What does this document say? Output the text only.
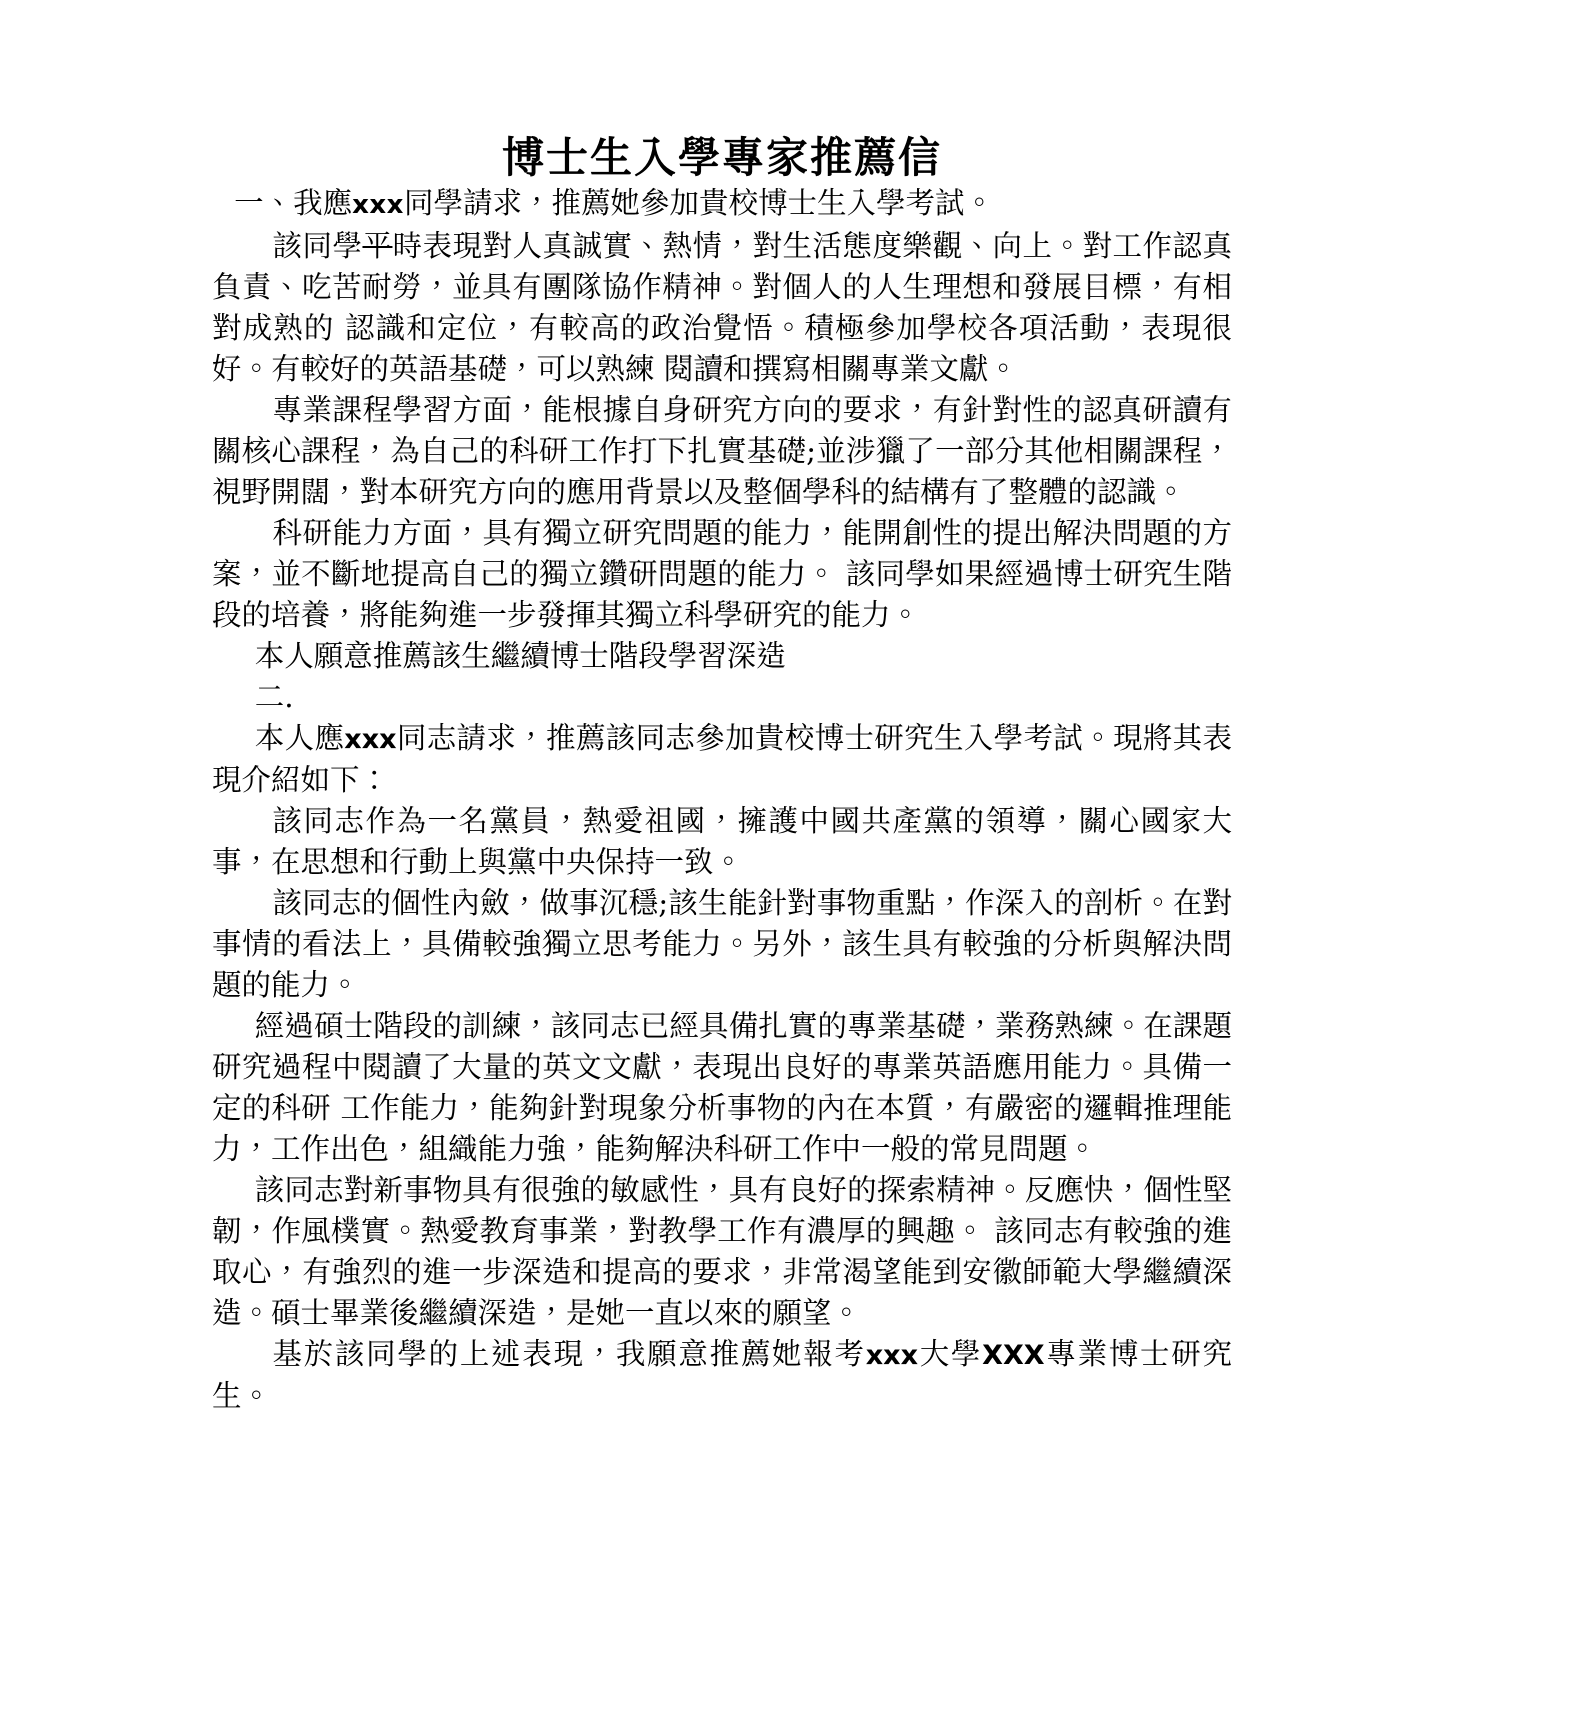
博士生入學專家推薦信

一、我應xxx同學請求，推薦她參加貴校博士生入學考試。

該同學平時表現對人真誠實、熱情，對生活態度樂觀、向上。對工作認真負責、吃苦耐勞，並具有團隊協作精神。對個人的人生理想和發展目標，有相對成熟的 認識和定位，有較高的政治覺悟。積極參加學校各項活動，表現很好。有較好的英語基礎，可以熟練 閱讀和撰寫相關專業文獻。

專業課程學習方面，能根據自身研究方向的要求，有針對性的認真研讀有關核心課程，為自己的科研工作打下扎實基礎;並涉獵了一部分其他相關課程，視野開闊，對本研究方向的應用背景以及整個學科的結構有了整體的認識。

科研能力方面，具有獨立研究問題的能力，能開創性的提出解決問題的方案，並不斷地提高自己的獨立鑽研問題的能力。 該同學如果經過博士研究生階段的培養，將能夠進一步發揮其獨立科學研究的能力。

本人願意推薦該生繼續博士階段學習深造

二.

本人應xxx同志請求，推薦該同志參加貴校博士研究生入學考試。現將其表現介紹如下：

該同志作為一名黨員，熱愛祖國，擁護中國共產黨的領導，關心國家大事，在思想和行動上與黨中央保持一致。

該同志的個性內斂，做事沉穩;該生能針對事物重點，作深入的剖析。在對事情的看法上，具備較強獨立思考能力。另外，該生具有較強的分析與解決問題的能力。

經過碩士階段的訓練，該同志已經具備扎實的專業基礎，業務熟練。在課題研究過程中閱讀了大量的英文文獻，表現出良好的專業英語應用能力。具備一定的科研 工作能力，能夠針對現象分析事物的內在本質，有嚴密的邏輯推理能力，工作出色，組織能力強，能夠解決科研工作中一般的常見問題。

該同志對新事物具有很強的敏感性，具有良好的探索精神。反應快，個性堅韌，作風樸實。熱愛教育事業，對教學工作有濃厚的興趣。 該同志有較強的進取心，有強烈的進一步深造和提高的要求，非常渴望能到安徽師範大學繼續深造。碩士畢業後繼續深造，是她一直以來的願望。

基於該同學的上述表現，我願意推薦她報考xxx大學XXX專業博士研究生。
